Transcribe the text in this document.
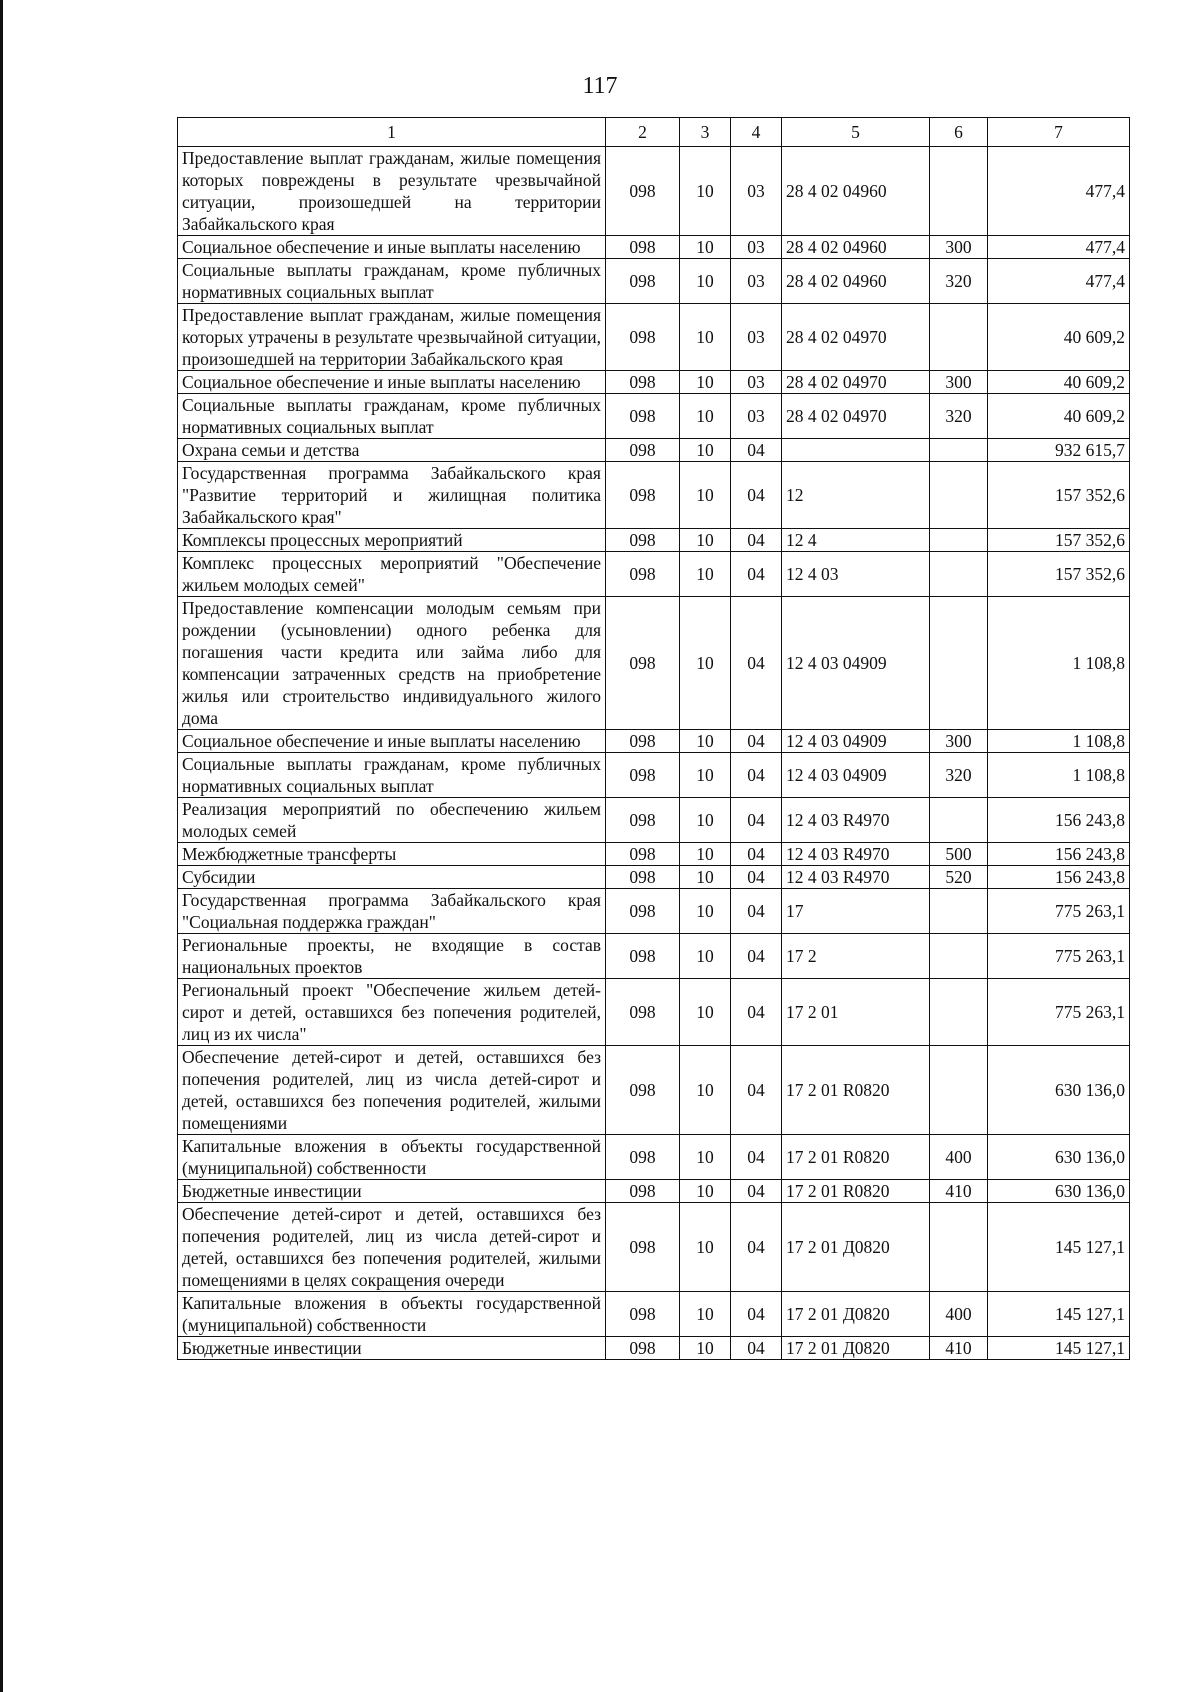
117
1	2	3	4	5	6	7
Предоставление выплат гражданам, жилые помещения которых повреждены в результате чрезвычайной ситуации, произошедшей на территории Забайкальского края	098	10	03	28 4 02 04960		477,4
Социальное обеспечение и иные выплаты населению	098	10	03	28 4 02 04960	300	477,4
Социальные выплаты гражданам, кроме публичных нормативных социальных выплат	098	10	03	28 4 02 04960	320	477,4
Предоставление выплат гражданам, жилые помещения которых утрачены в результате чрезвычайной ситуации, произошедшей на территории Забайкальского края	098	10	03	28 4 02 04970		40 609,2
Социальное обеспечение и иные выплаты населению	098	10	03	28 4 02 04970	300	40 609,2
Социальные выплаты гражданам, кроме публичных нормативных социальных выплат	098	10	03	28 4 02 04970	320	40 609,2
Охрана семьи и детства	098	10	04			932 615,7
Государственная программа Забайкальского края "Развитие территорий и жилищная политика Забайкальского края"	098	10	04	12		157 352,6
Комплексы процессных мероприятий	098	10	04	12 4		157 352,6
Комплекс процессных мероприятий "Обеспечение жильем молодых семей"	098	10	04	12 4 03		157 352,6
Предоставление компенсации молодым семьям при рождении (усыновлении) одного ребенка для погашения части кредита или займа либо для компенсации затраченных средств на приобретение жилья или строительство индивидуального жилого дома	098	10	04	12 4 03 04909		1 108,8
Социальное обеспечение и иные выплаты населению	098	10	04	12 4 03 04909	300	1 108,8
Социальные выплаты гражданам, кроме публичных нормативных социальных выплат	098	10	04	12 4 03 04909	320	1 108,8
Реализация мероприятий по обеспечению жильем молодых семей	098	10	04	12 4 03 R4970		156 243,8
Межбюджетные трансферты	098	10	04	12 4 03 R4970	500	156 243,8
Субсидии	098	10	04	12 4 03 R4970	520	156 243,8
Государственная программа Забайкальского края "Социальная поддержка граждан"	098	10	04	17		775 263,1
Региональные проекты, не входящие в состав национальных проектов	098	10	04	17 2		775 263,1
Региональный проект "Обеспечение жильем детей-сирот и детей, оставшихся без попечения родителей, лиц из их числа"	098	10	04	17 2 01		775 263,1
Обеспечение детей-сирот и детей, оставшихся без попечения родителей, лиц из числа детей-сирот и детей, оставшихся без попечения родителей, жилыми помещениями	098	10	04	17 2 01 R0820		630 136,0
Капитальные вложения в объекты государственной (муниципальной) собственности	098	10	04	17 2 01 R0820	400	630 136,0
Бюджетные инвестиции	098	10	04	17 2 01 R0820	410	630 136,0
Обеспечение детей-сирот и детей, оставшихся без попечения родителей, лиц из числа детей-сирот и детей, оставшихся без попечения родителей, жилыми помещениями в целях сокращения очереди	098	10	04	17 2 01 Д0820		145 127,1
Капитальные вложения в объекты государственной (муниципальной) собственности	098	10	04	17 2 01 Д0820	400	145 127,1
Бюджетные инвестиции	098	10	04	17 2 01 Д0820	410	145 127,1
